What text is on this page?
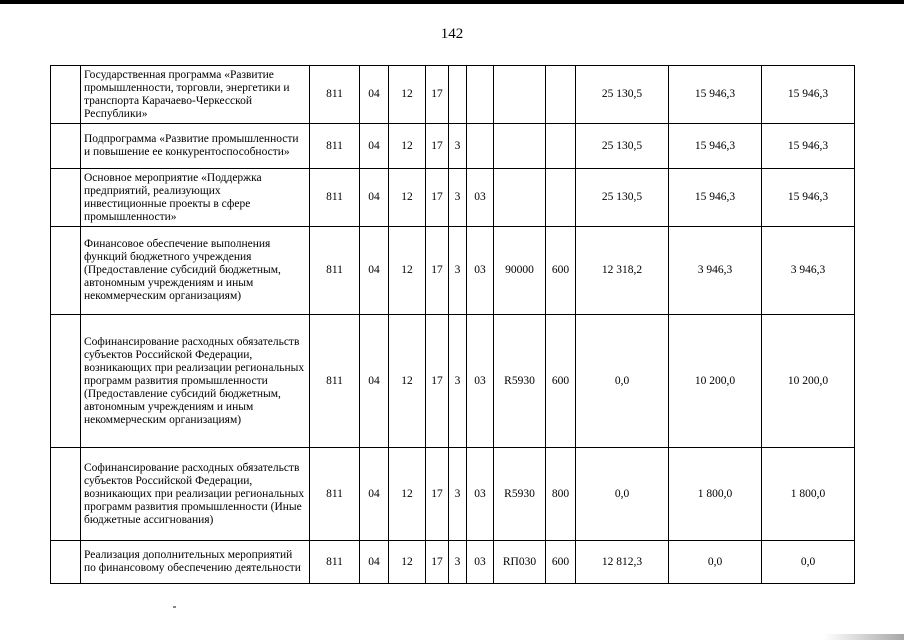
142
	Государственная программа «Развитие промышленности, торговли, энергетики и транспорта Карачаево-Черкесской Республики»	811	04	12	17					25 130,5	15 946,3	15 946,3
	Подпрограмма «Развитие промышленности и повышение ее конкурентоспособности»	811	04	12	17	3				25 130,5	15 946,3	15 946,3
	Основное мероприятие «Поддержка предприятий, реализующих инвестиционные проекты в сфере промышленности»	811	04	12	17	3	03			25 130,5	15 946,3	15 946,3
	Финансовое обеспечение выполнения функций бюджетного учреждения (Предоставление субсидий бюджетным, автономным учреждениям и иным некоммерческим организациям)	811	04	12	17	3	03	90000	600	12 318,2	3 946,3	3 946,3
	Софинансирование расходных обязательств субъектов Российской Федерации, возникающих при реализации региональных программ развития промышленности (Предоставление субсидий бюджетным, автономным учреждениям и иным некоммерческим организациям)	811	04	12	17	3	03	R5930	600	0,0	10 200,0	10 200,0
	Софинансирование расходных обязательств субъектов Российской Федерации, возникающих при реализации региональных программ развития промышленности (Иные бюджетные ассигнования)	811	04	12	17	3	03	R5930	800	0,0	1 800,0	1 800,0
	Реализация дополнительных мероприятий по финансовому обеспечению деятельности	811	04	12	17	3	03	RП030	600	12 812,3	0,0	0,0
